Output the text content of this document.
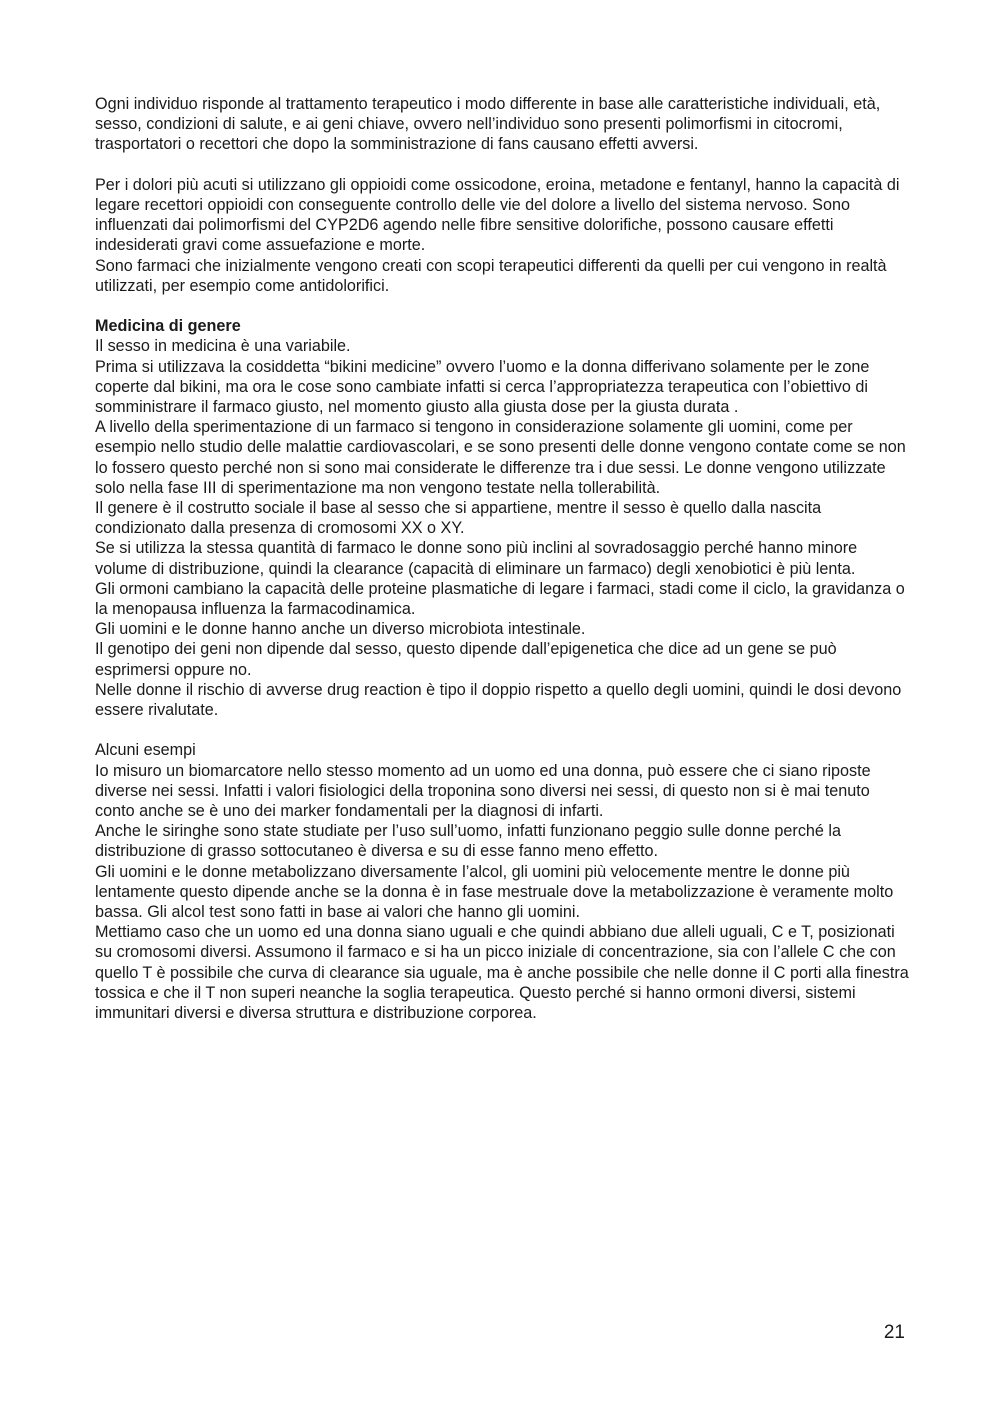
Ogni individuo risponde al trattamento terapeutico i modo differente in base alle caratteristiche individuali, età, sesso, condizioni di salute, e ai geni chiave, ovvero nell’individuo sono presenti polimorfismi in citocromi, trasportatori o recettori che dopo la somministrazione di fans causano effetti avversi.

Per i dolori più acuti si utilizzano gli oppioidi come ossicodone, eroina, metadone e fentanyl, hanno la capacità di legare recettori oppioidi con conseguente controllo delle vie del dolore a livello del sistema nervoso. Sono influenzati dai polimorfismi del CYP2D6 agendo nelle fibre sensitive dolorifiche, possono causare effetti indesiderati gravi come assuefazione e morte.

Sono farmaci che inizialmente vengono creati con scopi terapeutici differenti da quelli per cui vengono in realtà utilizzati, per esempio come antidolorifici.

Medicina di genere

Il sesso in medicina è una variabile.

Prima si utilizzava la cosiddetta “bikini medicine” ovvero l’uomo e la donna differivano solamente per le zone coperte dal bikini, ma ora le cose sono cambiate infatti si cerca l’appropriatezza terapeutica con l’obiettivo di somministrare il farmaco giusto, nel momento giusto alla giusta dose per la giusta durata .

A livello della sperimentazione di un farmaco si tengono in considerazione solamente gli uomini, come per esempio nello studio delle malattie cardiovascolari, e se sono presenti delle donne vengono contate come se non lo fossero questo perché non si sono mai considerate le differenze tra i due sessi. Le donne vengono utilizzate solo nella fase III di sperimentazione ma non vengono testate nella tollerabilità.

Il genere è il costrutto sociale il base al sesso che si appartiene, mentre il sesso è quello dalla nascita condizionato dalla presenza di cromosomi XX o XY.

Se si utilizza la stessa quantità di farmaco le donne sono più inclini al sovradosaggio perché hanno minore volume di distribuzione, quindi la clearance (capacità di eliminare un farmaco) degli xenobiotici è più lenta.

Gli ormoni cambiano la capacità delle proteine plasmatiche di legare i farmaci, stadi come il ciclo, la gravidanza o la menopausa influenza la farmacodinamica.

Gli uomini e le donne hanno anche un diverso microbiota intestinale.

Il genotipo dei geni non dipende dal sesso, questo dipende dall’epigenetica che dice ad un gene se può esprimersi oppure no.

Nelle donne il rischio di avverse drug reaction è tipo il doppio rispetto a quello degli uomini, quindi le dosi devono essere rivalutate.

Alcuni esempi

Io misuro un biomarcatore nello stesso momento ad un uomo ed una donna, può essere che ci siano riposte diverse nei sessi. Infatti i valori fisiologici della troponina sono diversi nei sessi, di questo non si è mai tenuto conto anche se è uno dei marker fondamentali per la diagnosi di infarti.

Anche le siringhe sono state studiate per l’uso sull’uomo, infatti funzionano peggio sulle donne perché la distribuzione di grasso sottocutaneo è diversa e su di esse fanno meno effetto.

Gli uomini e le donne metabolizzano diversamente l’alcol, gli uomini più velocemente mentre le donne più lentamente questo dipende anche se la donna è in fase mestruale dove la metabolizzazione è veramente molto bassa. Gli alcol test sono fatti in base ai valori che hanno gli uomini.

Mettiamo caso che un uomo ed una donna siano uguali e che quindi abbiano due alleli uguali, C e T, posizionati su cromosomi diversi. Assumono il farmaco e si ha un picco iniziale di concentrazione, sia con l’allele C che con quello T è possibile che curva di clearance sia uguale, ma è anche possibile che nelle donne il C porti alla finestra tossica e che il T non superi neanche la soglia terapeutica. Questo perché si hanno ormoni diversi, sistemi immunitari diversi e diversa struttura e distribuzione corporea.

21
